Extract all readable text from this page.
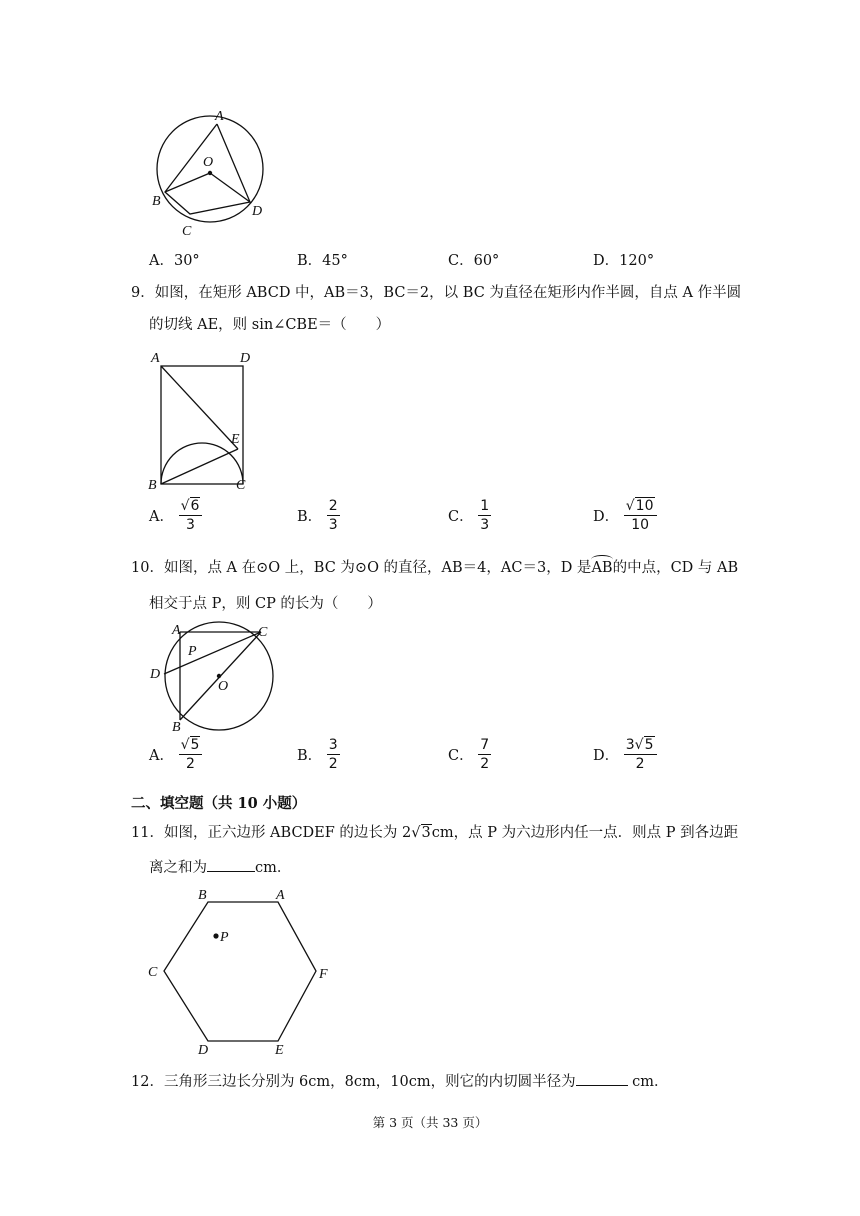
A
O
B
C
D
A．30°	B．45°	C．60°	D．120°
9．如图，在矩形 ABCD 中，AB＝3，BC＝2，以 BC 为直径在矩形内作半圆，自点 A 作半圆
的切线 AE，则 sin∠CBE＝（　　）
A	D
E
B	C
A． $\frac{√6}{3}$	B． $\frac{2}{3}$	C． $\frac{1}{3}$	D． $\frac{√10}{10}$
10．如图，点 A 在⊙O 上，BC 为⊙O 的直径，AB＝4，AC＝3，D 是AB的中点，CD 与 AB
相交于点 P，则 CP 的长为（　　）
A	C
P
D
O
B
A． $\frac{√5}{2}$	B． $\frac{3}{2}$	C． $\frac{7}{2}$	D． $\frac{3√5}{2}$
二、填空题（共 10 小题）
11．如图，正六边形 ABCDEF 的边长为 2√3cm，点 P 为六边形内任一点．则点 P 到各边距
离之和为	cm．
B	A
P
C	F
D	E
12．三角形三边长分别为 6cm，8cm，10cm，则它的内切圆半径为	cm．
第 3 页（共 33 页）
